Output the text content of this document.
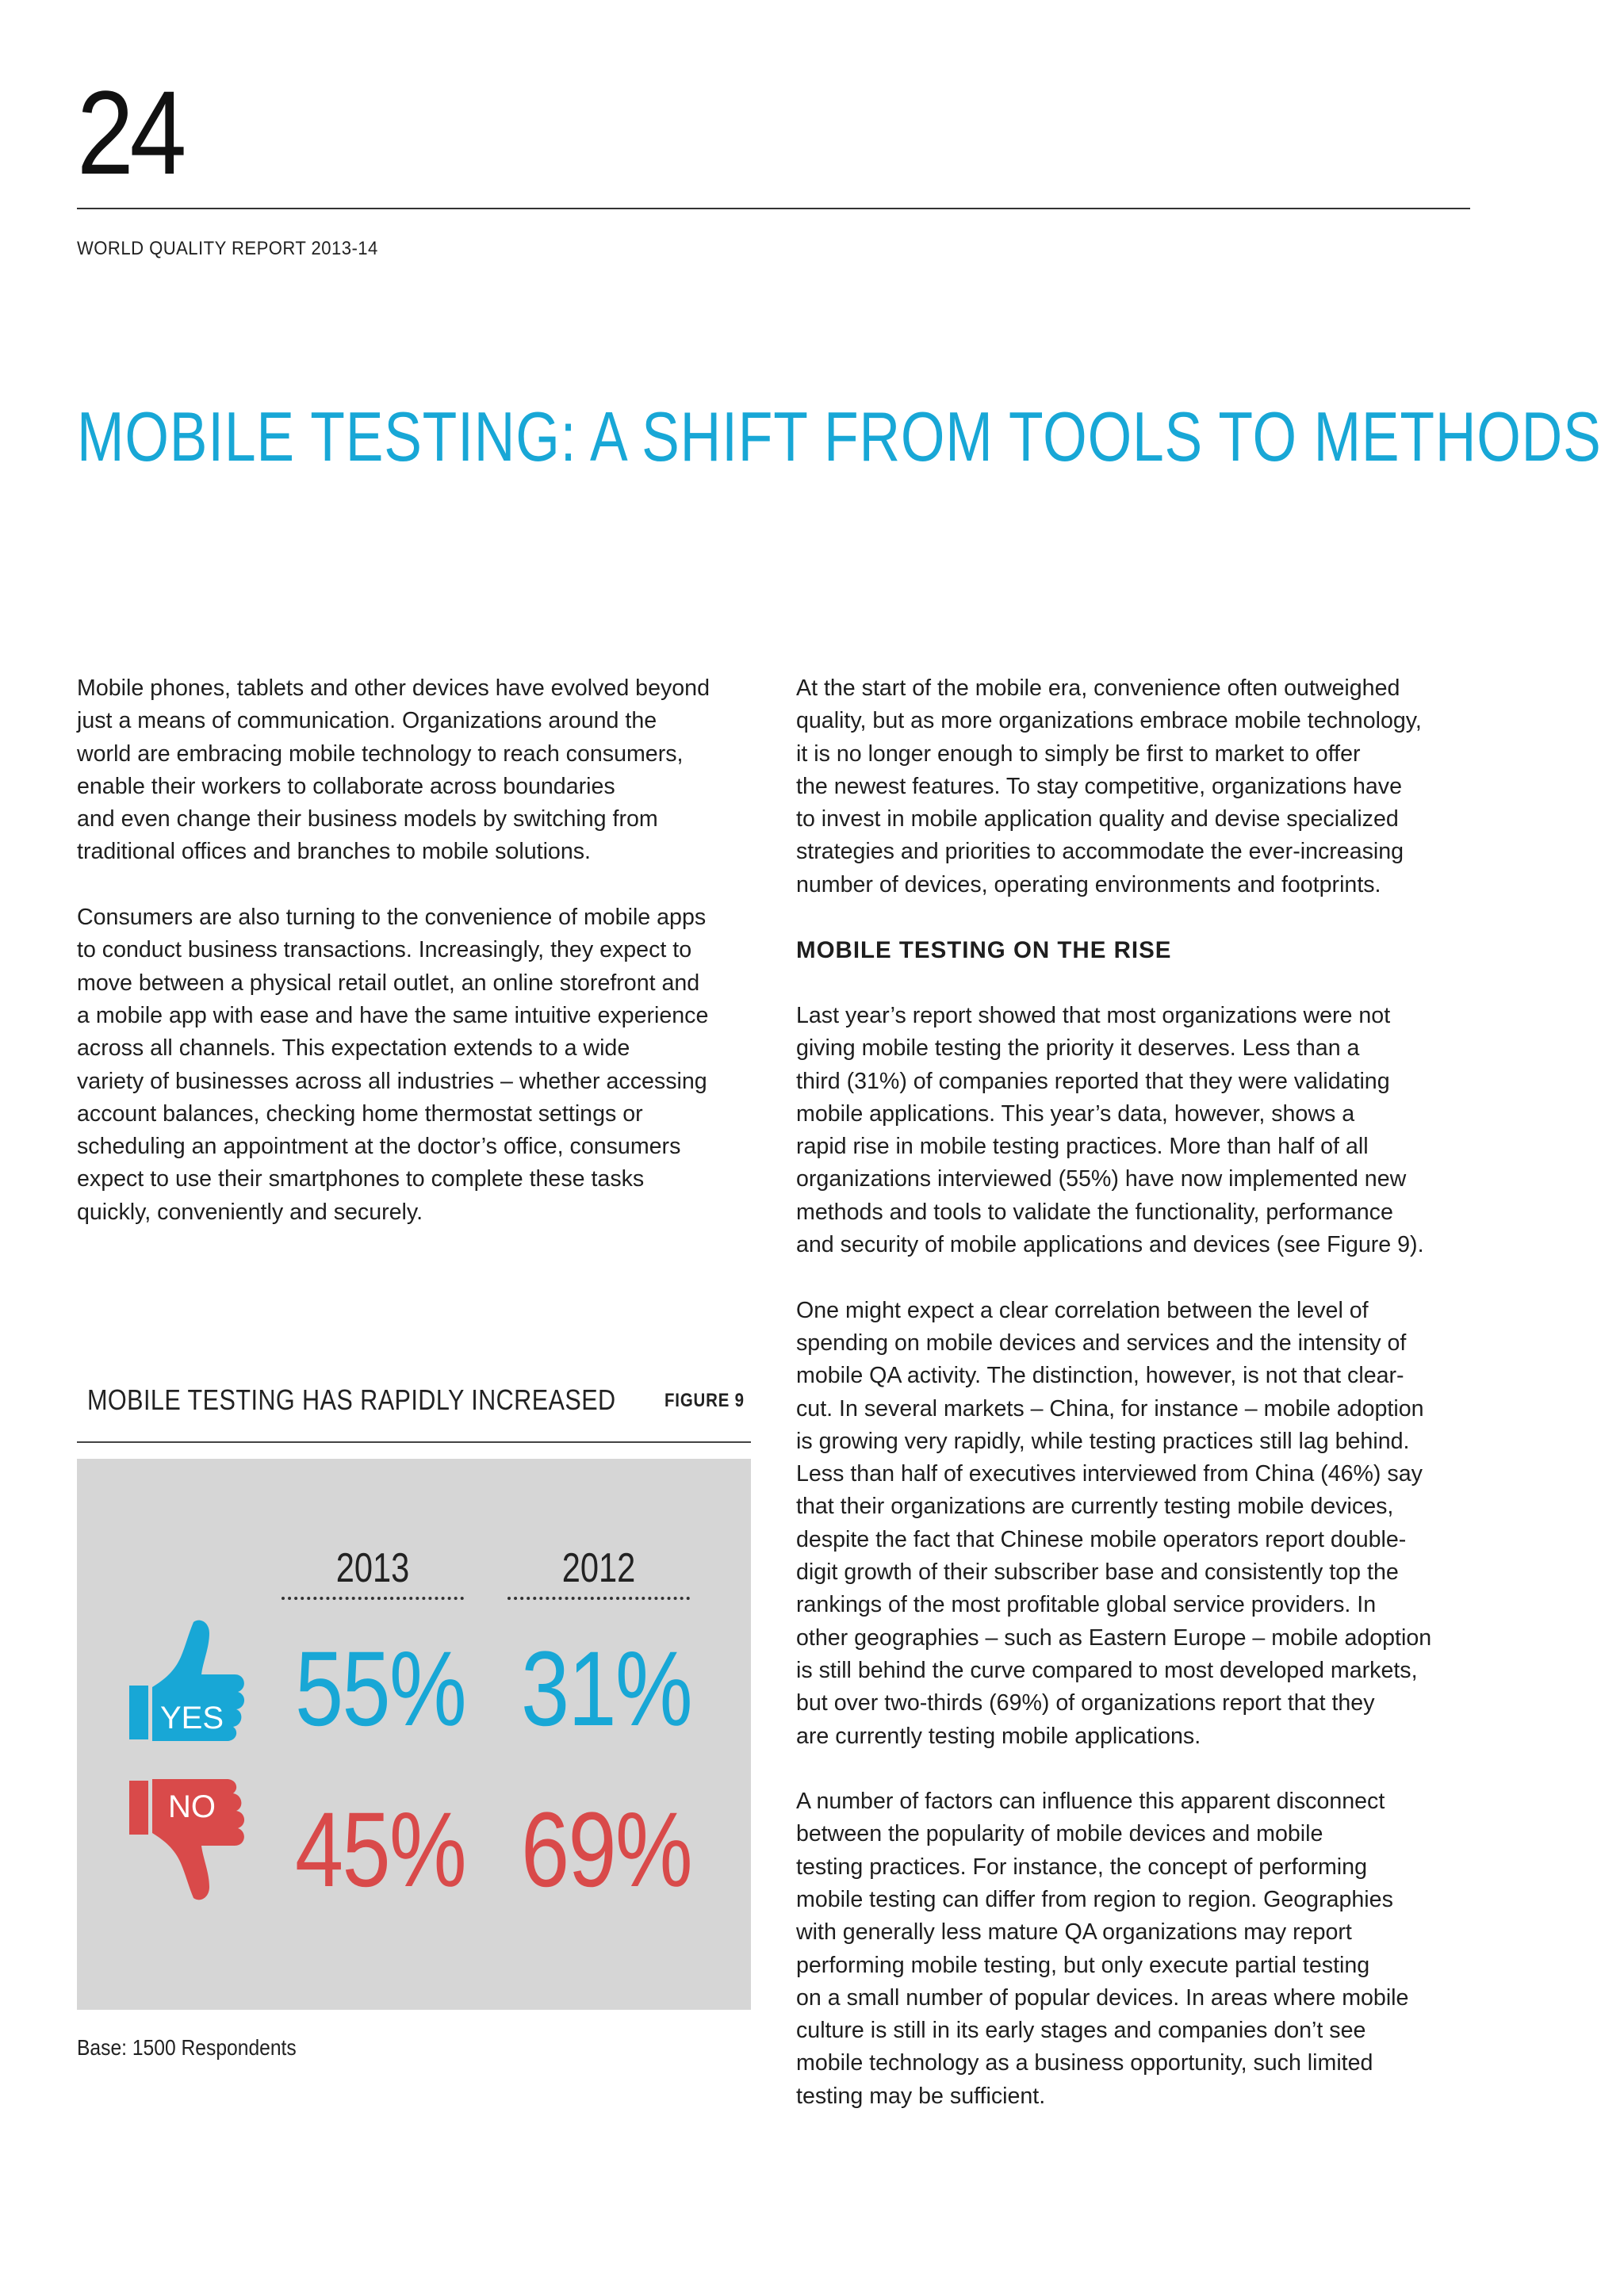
24
WORLD QUALITY REPORT 2013-14
MOBILE TESTING: A SHIFT FROM TOOLS TO METHODS

Mobile phones, tablets and other devices have evolved beyond
just a means of communication. Organizations around the
world are embracing mobile technology to reach consumers,
enable their workers to collaborate across boundaries
and even change their business models by switching from
traditional offices and branches to mobile solutions.

Consumers are also turning to the convenience of mobile apps
to conduct business transactions. Increasingly, they expect to
move between a physical retail outlet, an online storefront and
a mobile app with ease and have the same intuitive experience
across all channels. This expectation extends to a wide
variety of businesses across all industries – whether accessing
account balances, checking home thermostat settings or
scheduling an appointment at the doctor’s office, consumers
expect to use their smartphones to complete these tasks
quickly, conveniently and securely.

At the start of the mobile era, convenience often outweighed
quality, but as more organizations embrace mobile technology,
it is no longer enough to simply be first to market to offer
the newest features. To stay competitive, organizations have
to invest in mobile application quality and devise specialized
strategies and priorities to accommodate the ever-increasing
number of devices, operating environments and footprints.

MOBILE TESTING ON THE RISE

Last year’s report showed that most organizations were not
giving mobile testing the priority it deserves. Less than a
third (31%) of companies reported that they were validating
mobile applications. This year’s data, however, shows a
rapid rise in mobile testing practices. More than half of all
organizations interviewed (55%) have now implemented new
methods and tools to validate the functionality, performance
and security of mobile applications and devices (see Figure 9).

One might expect a clear correlation between the level of
spending on mobile devices and services and the intensity of
mobile QA activity. The distinction, however, is not that clear-
cut. In several markets – China, for instance – mobile adoption
is growing very rapidly, while testing practices still lag behind.
Less than half of executives interviewed from China (46%) say
that their organizations are currently testing mobile devices,
despite the fact that Chinese mobile operators report double-
digit growth of their subscriber base and consistently top the
rankings of the most profitable global service providers. In
other geographies – such as Eastern Europe – mobile adoption
is still behind the curve compared to most developed markets,
but over two-thirds (69%) of organizations report that they
are currently testing mobile applications.

A number of factors can influence this apparent disconnect
between the popularity of mobile devices and mobile
testing practices. For instance, the concept of performing
mobile testing can differ from region to region. Geographies
with generally less mature QA organizations may report
performing mobile testing, but only execute partial testing
on a small number of popular devices. In areas where mobile
culture is still in its early stages and companies don’t see
mobile technology as a business opportunity, such limited
testing may be sufficient.

MOBILE TESTING HAS RAPIDLY INCREASED	FIGURE 9
2013	2012
YES
NO
55% 31%
45% 69%
Base: 1500 Respondents
